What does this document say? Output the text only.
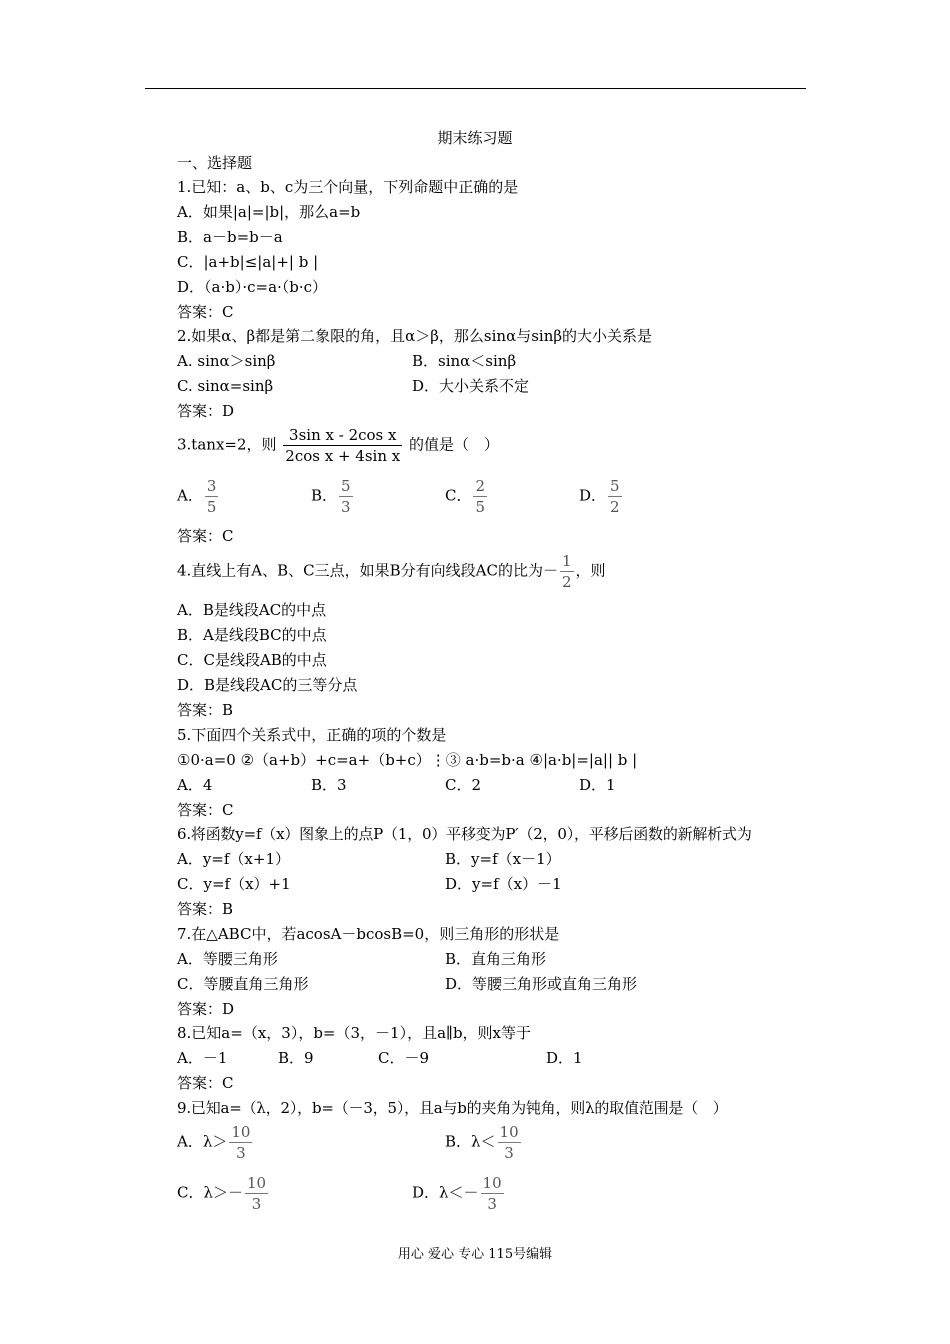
期末练习题
一、选择题
1.已知：a、b、c为三个向量，下列命题中正确的是
A．如果|a|=|b|，那么a=b
B．a－b=b－a
C．|a+b|≤|a|+| b |
D．（a·b）·c=a·（b·c）
答案：C
2.如果α、β都是第二象限的角，且α＞β，那么sinα与sinβ的大小关系是
A. sinα＞sinβ	B．sinα＜sinβ
C. sinα=sinβ	D．大小关系不定
答案：D
3.tanx=2，则 $\frac{\text{3sin x - 2cos x}}{\text{2cos x + 4sin x}}$ 的值是（　）
A． $\frac{3}{5}$	B． $\frac{5}{3}$	C． $\frac{2}{5}$	D． $\frac{5}{2}$
答案：C
4.直线上有A、B、C三点，如果B分有向线段AC的比为－ $\frac{1}{2}$ ，则
A．B是线段AC的中点
B．A是线段BC的中点
C．C是线段AB的中点
D．B是线段AC的三等分点
答案：B
5.下面四个关系式中，正确的项的个数是
①0·a=0 ②（a+b）+c=a+（b+c）⋮③ a·b=b·a ④|a·b|=|a|| b |
A．4	B．3	C．2	D．1
答案：C
6.将函数y=f（x）图象上的点P（1，0）平移变为P′（2，0），平移后函数的新解析式为
A．y=f（x+1）	B．y=f（x－1）
C．y=f（x）+1	D．y=f（x）－1
答案：B
7.在△ABC中，若acosA－bcosB=0，则三角形的形状是
A．等腰三角形	B．直角三角形
C．等腰直角三角形	D．等腰三角形或直角三角形
答案：D
8.已知a=（x，3），b=（3，－1），且a∥b，则x等于
A．－1	B．9	C．－9	D．1
答案：C
9.已知a=（λ，2），b=（－3，5），且a与b的夹角为钝角，则λ的取值范围是（　）
A．$\lambda> \frac{10}{3}$	B．$\lambda< \frac{10}{3}$
C．$\lambda>- \frac{10}{3}$	D．$\lambda<- \frac{10}{3}$
用心 爱心 专心 115号编辑
